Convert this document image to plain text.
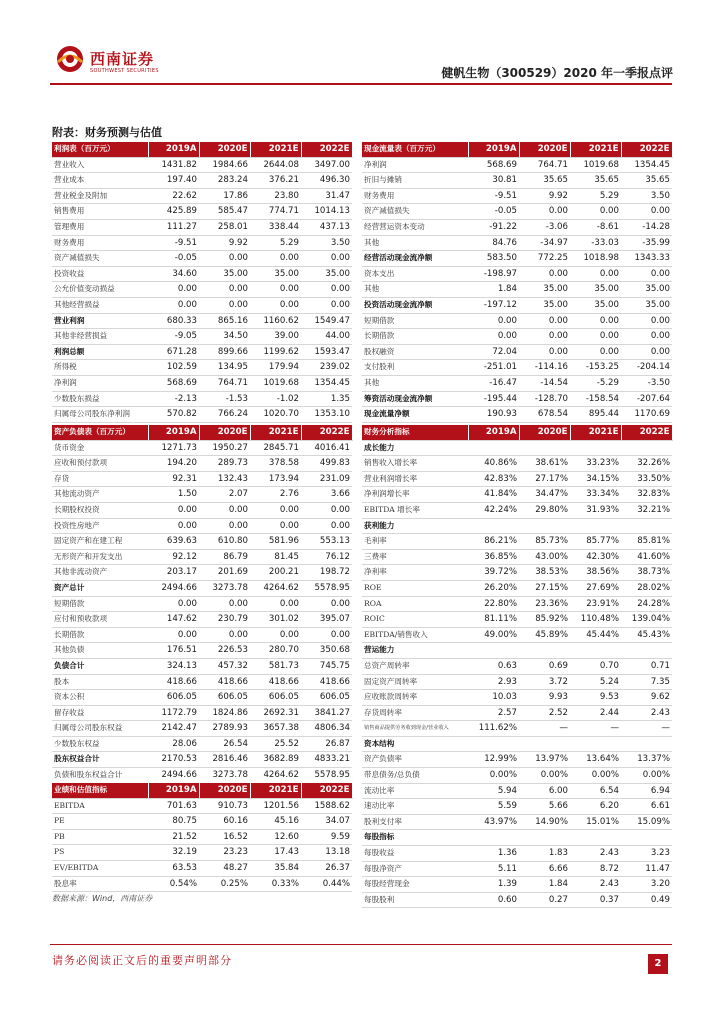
西南证券
SOUTHWEST SECURITIES	健帆生物（300529）2020 年一季报点评
附表：财务预测与估值
利润表（百万元）	2019A	2020E	2021E	2022E
营业收入	1431.82	1984.66	2644.08	3497.00
营业成本	197.40	283.24	376.21	496.30
营业税金及附加	22.62	17.86	23.80	31.47
销售费用	425.89	585.47	774.71	1014.13
管理费用	111.27	258.01	338.44	437.13
财务费用	-9.51	9.92	5.29	3.50
资产减值损失	-0.05	0.00	0.00	0.00
投资收益	34.60	35.00	35.00	35.00
公允价值变动损益	0.00	0.00	0.00	0.00
其他经营损益	0.00	0.00	0.00	0.00
营业利润	680.33	865.16	1160.62	1549.47
其他非经营损益	-9.05	34.50	39.00	44.00
利润总额	671.28	899.66	1199.62	1593.47
所得税	102.59	134.95	179.94	239.02
净利润	568.69	764.71	1019.68	1354.45
少数股东损益	-2.13	-1.53	-1.02	1.35
归属母公司股东净利润	570.82	766.24	1020.70	1353.10
现金流量表（百万元）	2019A	2020E	2021E	2022E
净利润	568.69	764.71	1019.68	1354.45
折旧与摊销	30.81	35.65	35.65	35.65
财务费用	-9.51	9.92	5.29	3.50
资产减值损失	-0.05	0.00	0.00	0.00
经营营运资本变动	-91.22	-3.06	-8.61	-14.28
其他	84.76	-34.97	-33.03	-35.99
经营活动现金流净额	583.50	772.25	1018.98	1343.33
资本支出	-198.97	0.00	0.00	0.00
其他	1.84	35.00	35.00	35.00
投资活动现金流净额	-197.12	35.00	35.00	35.00
短期借款	0.00	0.00	0.00	0.00
长期借款	0.00	0.00	0.00	0.00
股权融资	72.04	0.00	0.00	0.00
支付股利	-251.01	-114.16	-153.25	-204.14
其他	-16.47	-14.54	-5.29	-3.50
筹资活动现金流净额	-195.44	-128.70	-158.54	-207.64
现金流量净额	190.93	678.54	895.44	1170.69
资产负债表（百万元）	2019A	2020E	2021E	2022E
货币资金	1271.73	1950.27	2845.71	4016.41
应收和预付款项	194.20	289.73	378.58	499.83
存货	92.31	132.43	173.94	231.09
其他流动资产	1.50	2.07	2.76	3.66
长期股权投资	0.00	0.00	0.00	0.00
投资性房地产	0.00	0.00	0.00	0.00
固定资产和在建工程	639.63	610.80	581.96	553.13
无形资产和开发支出	92.12	86.79	81.45	76.12
其他非流动资产	203.17	201.69	200.21	198.72
资产总计	2494.66	3273.78	4264.62	5578.95
短期借款	0.00	0.00	0.00	0.00
应付和预收款项	147.62	230.79	301.02	395.07
长期借款	0.00	0.00	0.00	0.00
其他负债	176.51	226.53	280.70	350.68
负债合计	324.13	457.32	581.73	745.75
股本	418.66	418.66	418.66	418.66
资本公积	606.05	606.05	606.05	606.05
留存收益	1172.79	1824.86	2692.31	3841.27
归属母公司股东权益	2142.47	2789.93	3657.38	4806.34
少数股东权益	28.06	26.54	25.52	26.87
股东权益合计	2170.53	2816.46	3682.89	4833.21
负债和股东权益合计	2494.66	3273.78	4264.62	5578.95
财务分析指标	2019A	2020E	2021E	2022E
成长能力				
销售收入增长率	40.86%	38.61%	33.23%	32.26%
营业利润增长率	42.83%	27.17%	34.15%	33.50%
净利润增长率	41.84%	34.47%	33.34%	32.83%
EBITDA 增长率	42.24%	29.80%	31.93%	32.21%
获利能力				
毛利率	86.21%	85.73%	85.77%	85.81%
三费率	36.85%	43.00%	42.30%	41.60%
净利率	39.72%	38.53%	38.56%	38.73%
ROE	26.20%	27.15%	27.69%	28.02%
ROA	22.80%	23.36%	23.91%	24.28%
ROIC	81.11%	85.92%	110.48%	139.04%
EBITDA/销售收入	49.00%	45.89%	45.44%	45.43%
营运能力				
总资产周转率	0.63	0.69	0.70	0.71
固定资产周转率	2.93	3.72	5.24	7.35
应收账款周转率	10.03	9.93	9.53	9.62
存货周转率	2.57	2.52	2.44	2.43
销售商品提供劳务收到现金/营业收入	111.62%	—	—	—
资本结构				
资产负债率	12.99%	13.97%	13.64%	13.37%
带息债务/总负债	0.00%	0.00%	0.00%	0.00%
流动比率	5.94	6.00	6.54	6.94
速动比率	5.59	5.66	6.20	6.61
股利支付率	43.97%	14.90%	15.01%	15.09%
每股指标				
每股收益	1.36	1.83	2.43	3.23
每股净资产	5.11	6.66	8.72	11.47
每股经营现金	1.39	1.84	2.43	3.20
每股股利	0.60	0.27	0.37	0.49
业绩和估值指标	2019A	2020E	2021E	2022E
EBITDA	701.63	910.73	1201.56	1588.62
PE	80.75	60.16	45.16	34.07
PB	21.52	16.52	12.60	9.59
PS	32.19	23.23	17.43	13.18
EV/EBITDA	63.53	48.27	35.84	26.37
股息率	0.54%	0.25%	0.33%	0.44%
数据来源：Wind，西南证券
请务必阅读正文后的重要声明部分	2
